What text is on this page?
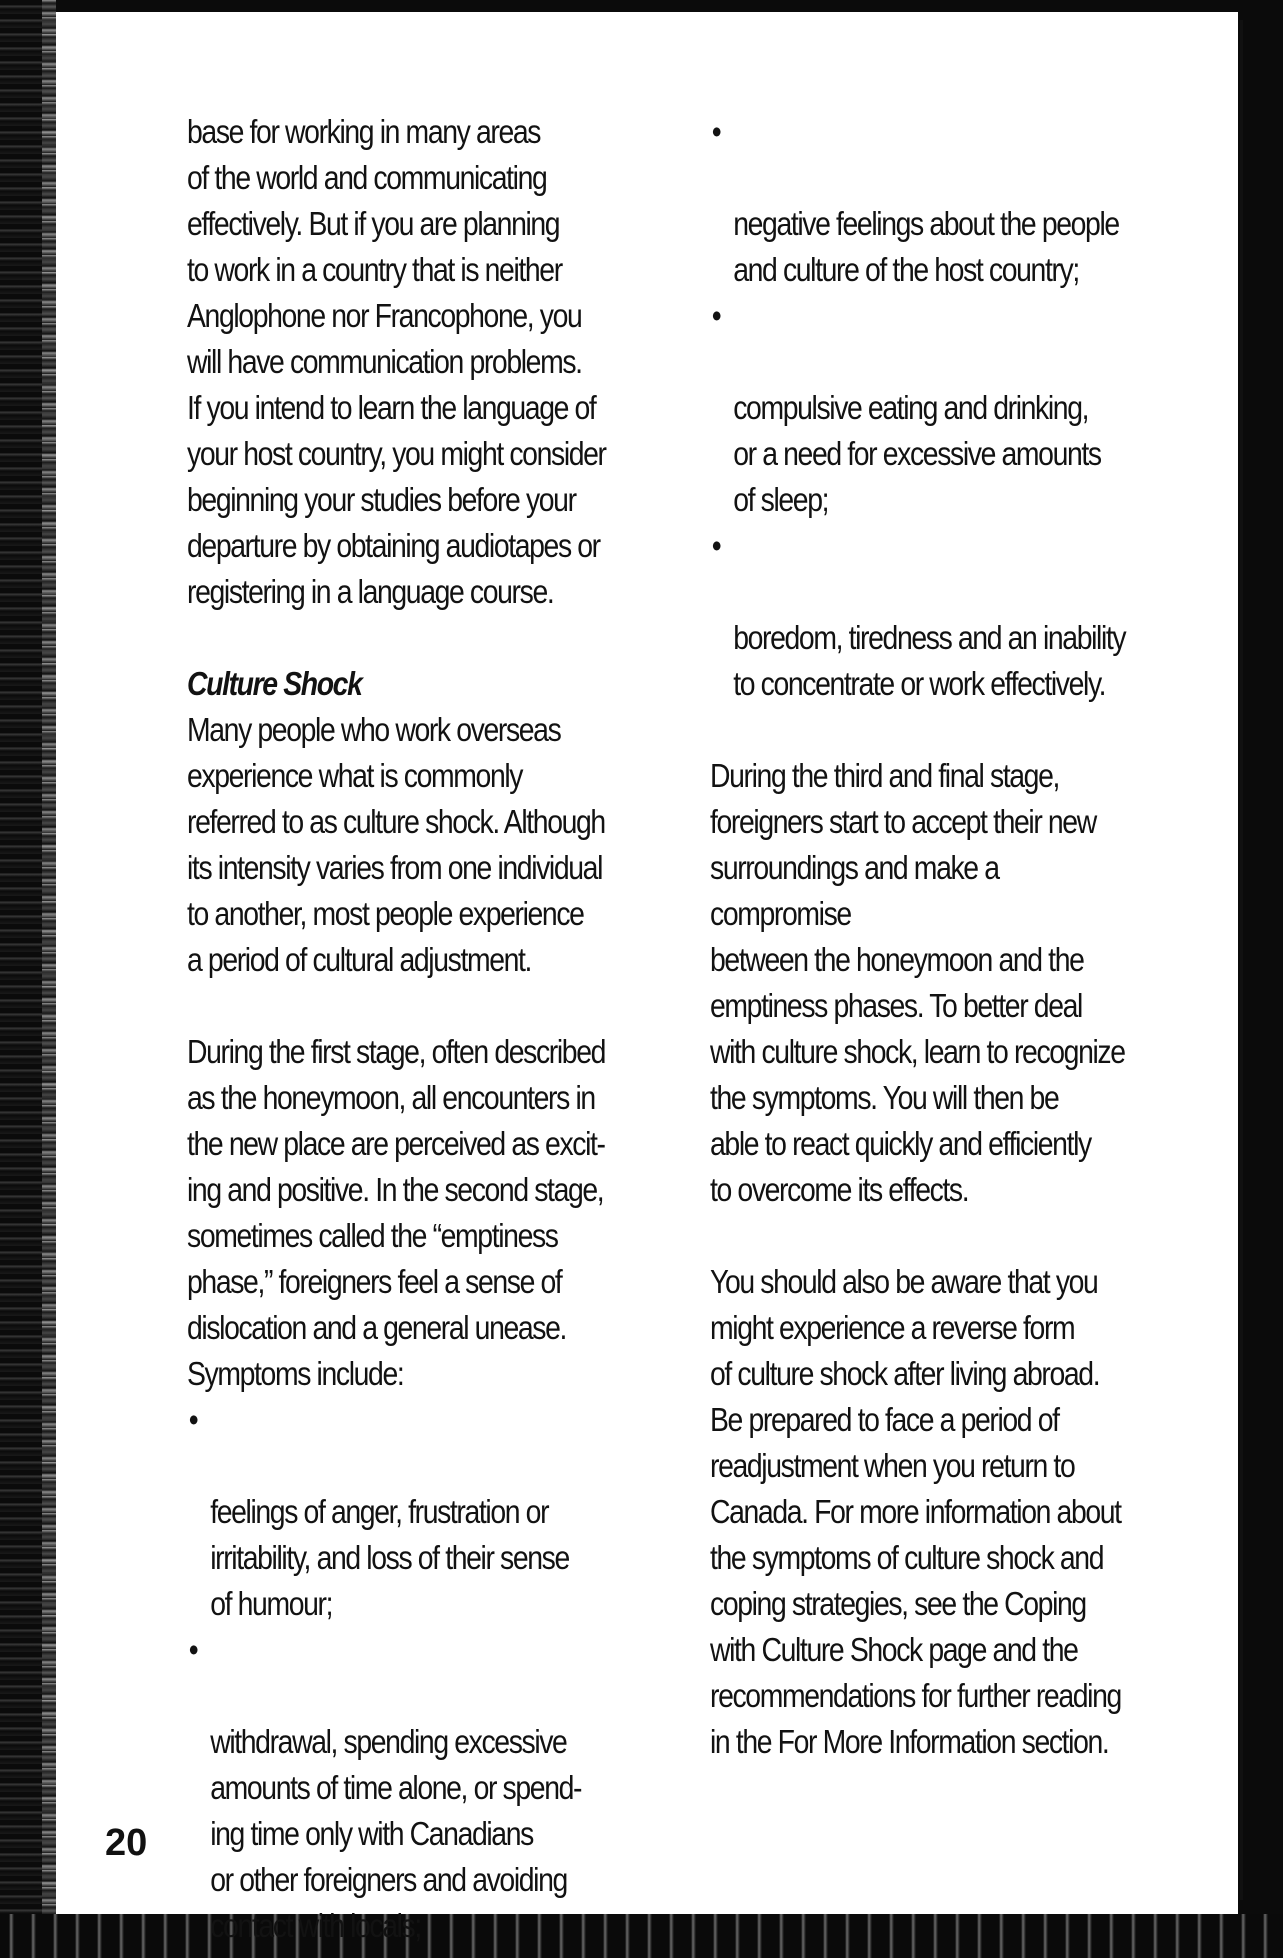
base for working in many areas
of the world and communicating
effectively. But if you are planning
to work in a country that is neither
Anglophone nor Francophone, you
will have communication problems.
If you intend to learn the language of
your host country, you might consider
beginning your studies before your
departure by obtaining audiotapes or
registering in a language course.

Culture Shock

Many people who work overseas
experience what is commonly
referred to as culture shock. Although
its intensity varies from one individual
to another, most people experience
a period of cultural adjustment.

During the first stage, often described
as the honeymoon, all encounters in
the new place are perceived as excit-
ing and positive. In the second stage,
sometimes called the “emptiness
phase,” foreigners feel a sense of
dislocation and a general unease.
Symptoms include:

•

feelings of anger, frustration or
irritability, and loss of their sense
of humour;

•

withdrawal, spending excessive
amounts of time alone, or spend-
ing time only with Canadians
or other foreigners and avoiding
contact with locals;

•

negative feelings about the people
and culture of the host country;

•

compulsive eating and drinking,
or a need for excessive amounts
of sleep;

•

boredom, tiredness and an inability
to concentrate or work effectively.

During the third and final stage,
foreigners start to accept their new
surroundings and make a compromise
between the honeymoon and the
emptiness phases. To better deal
with culture shock, learn to recognize
the symptoms. You will then be
able to react quickly and efficiently
to overcome its effects.

You should also be aware that you
might experience a reverse form
of culture shock after living abroad.
Be prepared to face a period of
readjustment when you return to
Canada. For more information about
the symptoms of culture shock and
coping strategies, see the Coping
with Culture Shock page and the
recommendations for further reading
in the For More Information section.

20
